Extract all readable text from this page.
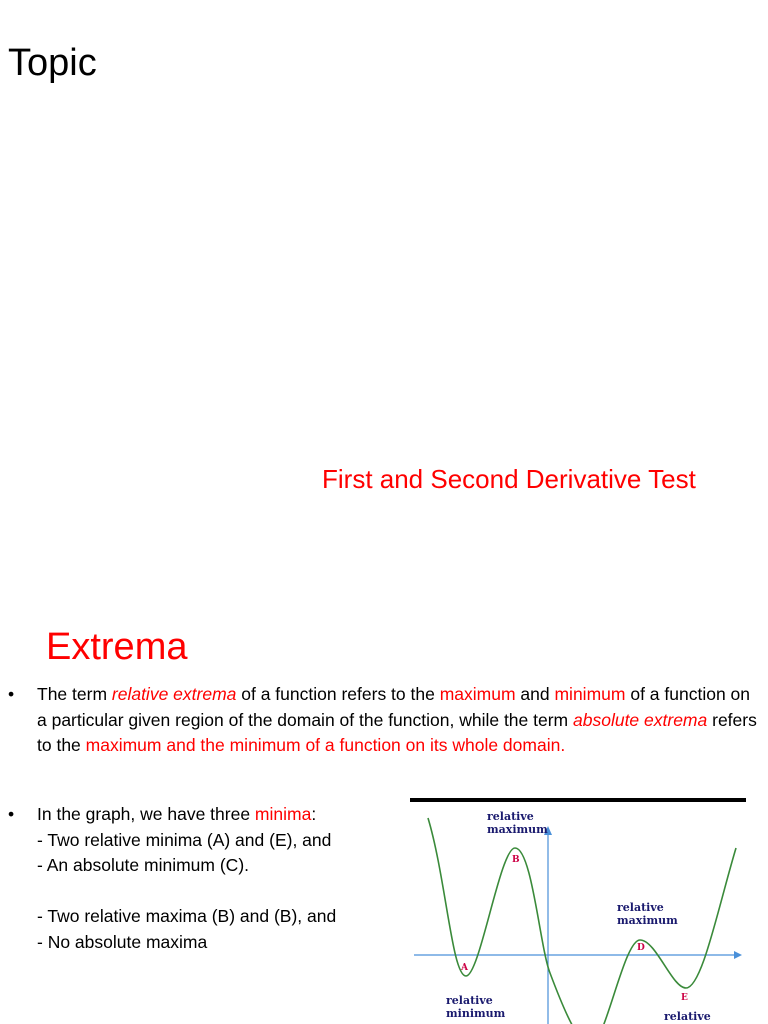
Topic

First and Second Derivative Test

Extrema
• The term relative extrema of a function refers to the maximum and minimum of a function on a particular given region of the domain of the function, while the term absolute extrema refers to the maximum and the minimum of a function on its whole domain.
• In the graph, we have three minima:
- Two relative minima (A) and (E), and
- An absolute minimum (C).
- Two relative maxima (B) and (B), and
- No absolute maxima
A
B
D
E
relative
maximum
relative
maximum
relative
minimum	relative
